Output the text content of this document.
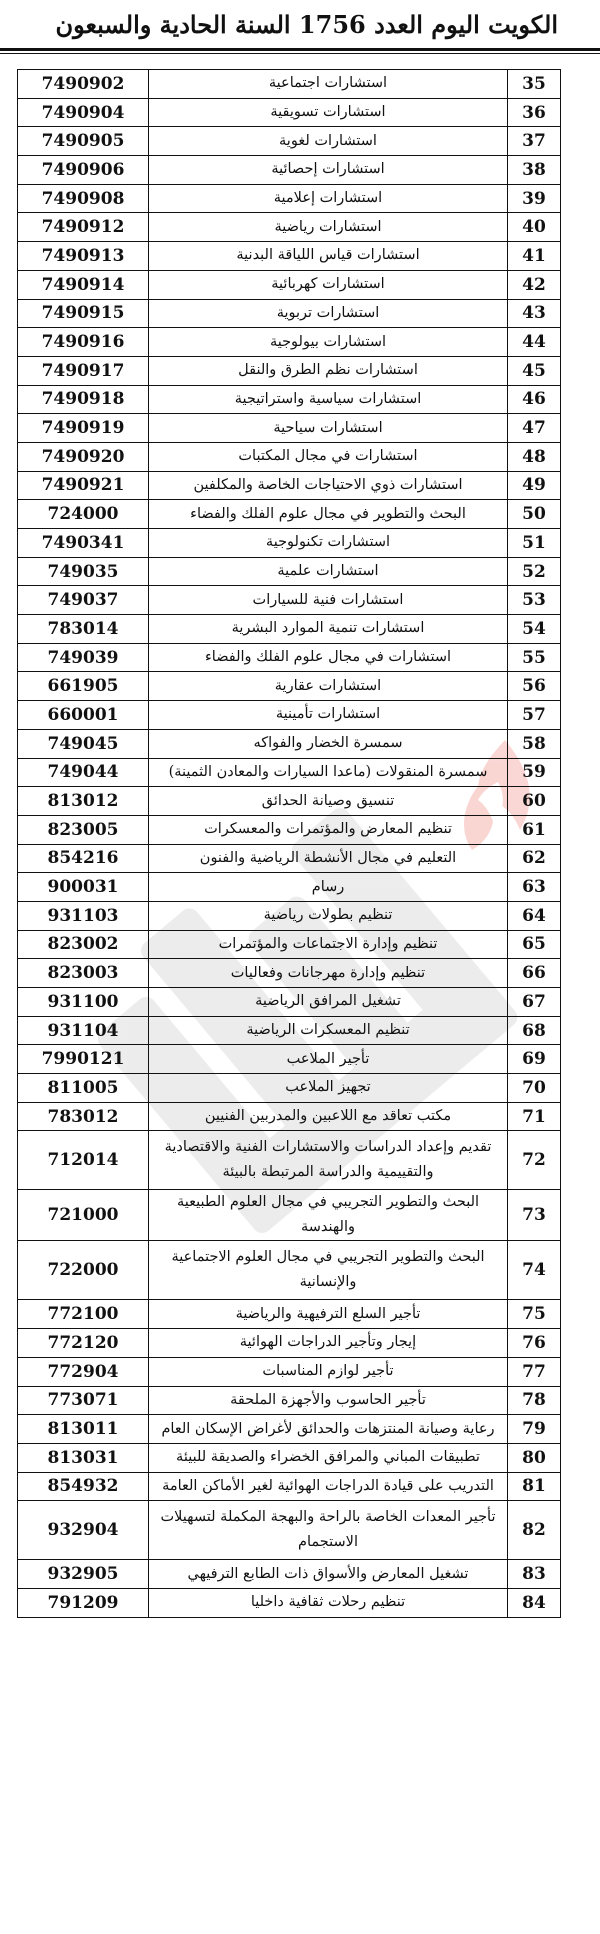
الكويت اليوم العدد 1756 السنة الحادية والسبعون
35	استشارات اجتماعية	7490902
36	استشارات تسويقية	7490904
37	استشارات لغوية	7490905
38	استشارات إحصائية	7490906
39	استشارات إعلامية	7490908
40	استشارات رياضية	7490912
41	استشارات قياس اللياقة البدنية	7490913
42	استشارات كهربائية	7490914
43	استشارات تربوية	7490915
44	استشارات بيولوجية	7490916
45	استشارات نظم الطرق والنقل	7490917
46	استشارات سياسية واستراتيجية	7490918
47	استشارات سياحية	7490919
48	استشارات في مجال المكتبات	7490920
49	استشارات ذوي الاحتياجات الخاصة والمكلفين	7490921
50	البحث والتطوير في مجال علوم الفلك والفضاء	724000
51	استشارات تكنولوجية	7490341
52	استشارات علمية	749035
53	استشارات فنية للسيارات	749037
54	استشارات تنمية الموارد البشرية	783014
55	استشارات في مجال علوم الفلك والفضاء	749039
56	استشارات عقارية	661905
57	استشارات تأمينية	660001
58	سمسرة الخضار والفواكه	749045
59	سمسرة المنقولات (ماعدا السيارات والمعادن الثمينة)	749044
60	تنسيق وصيانة الحدائق	813012
61	تنظيم المعارض والمؤتمرات والمعسكرات	823005
62	التعليم في مجال الأنشطة الرياضية والفنون	854216
63	رسام	900031
64	تنظيم بطولات رياضية	931103
65	تنظيم وإدارة الاجتماعات والمؤتمرات	823002
66	تنظيم وإدارة مهرجانات وفعاليات	823003
67	تشغيل المرافق الرياضية	931100
68	تنظيم المعسكرات الرياضية	931104
69	تأجير الملاعب	7990121
70	تجهيز الملاعب	811005
71	مكتب تعاقد مع اللاعبين والمدربين الفنيين	783012
72	تقديم وإعداد الدراسات والاستشارات الفنية والاقتصادية والتقييمية والدراسة المرتبطة بالبيئة	712014
73	البحث والتطوير التجريبي في مجال العلوم الطبيعية والهندسة	721000
74	البحث والتطوير التجريبي في مجال العلوم الاجتماعية والإنسانية	722000
75	تأجير السلع الترفيهية والرياضية	772100
76	إيجار وتأجير الدراجات الهوائية	772120
77	تأجير لوازم المناسبات	772904
78	تأجير الحاسوب والأجهزة الملحقة	773071
79	رعاية وصيانة المنتزهات والحدائق لأغراض الإسكان العام	813011
80	تطبيقات المباني والمرافق الخضراء والصديقة للبيئة	813031
81	التدريب على قيادة الدراجات الهوائية لغير الأماكن العامة	854932
82	تأجير المعدات الخاصة بالراحة والبهجة المكملة لتسهيلات الاستجمام	932904
83	تشغيل المعارض والأسواق ذات الطابع الترفيهي	932905
84	تنظيم رحلات ثقافية داخليا	791209
